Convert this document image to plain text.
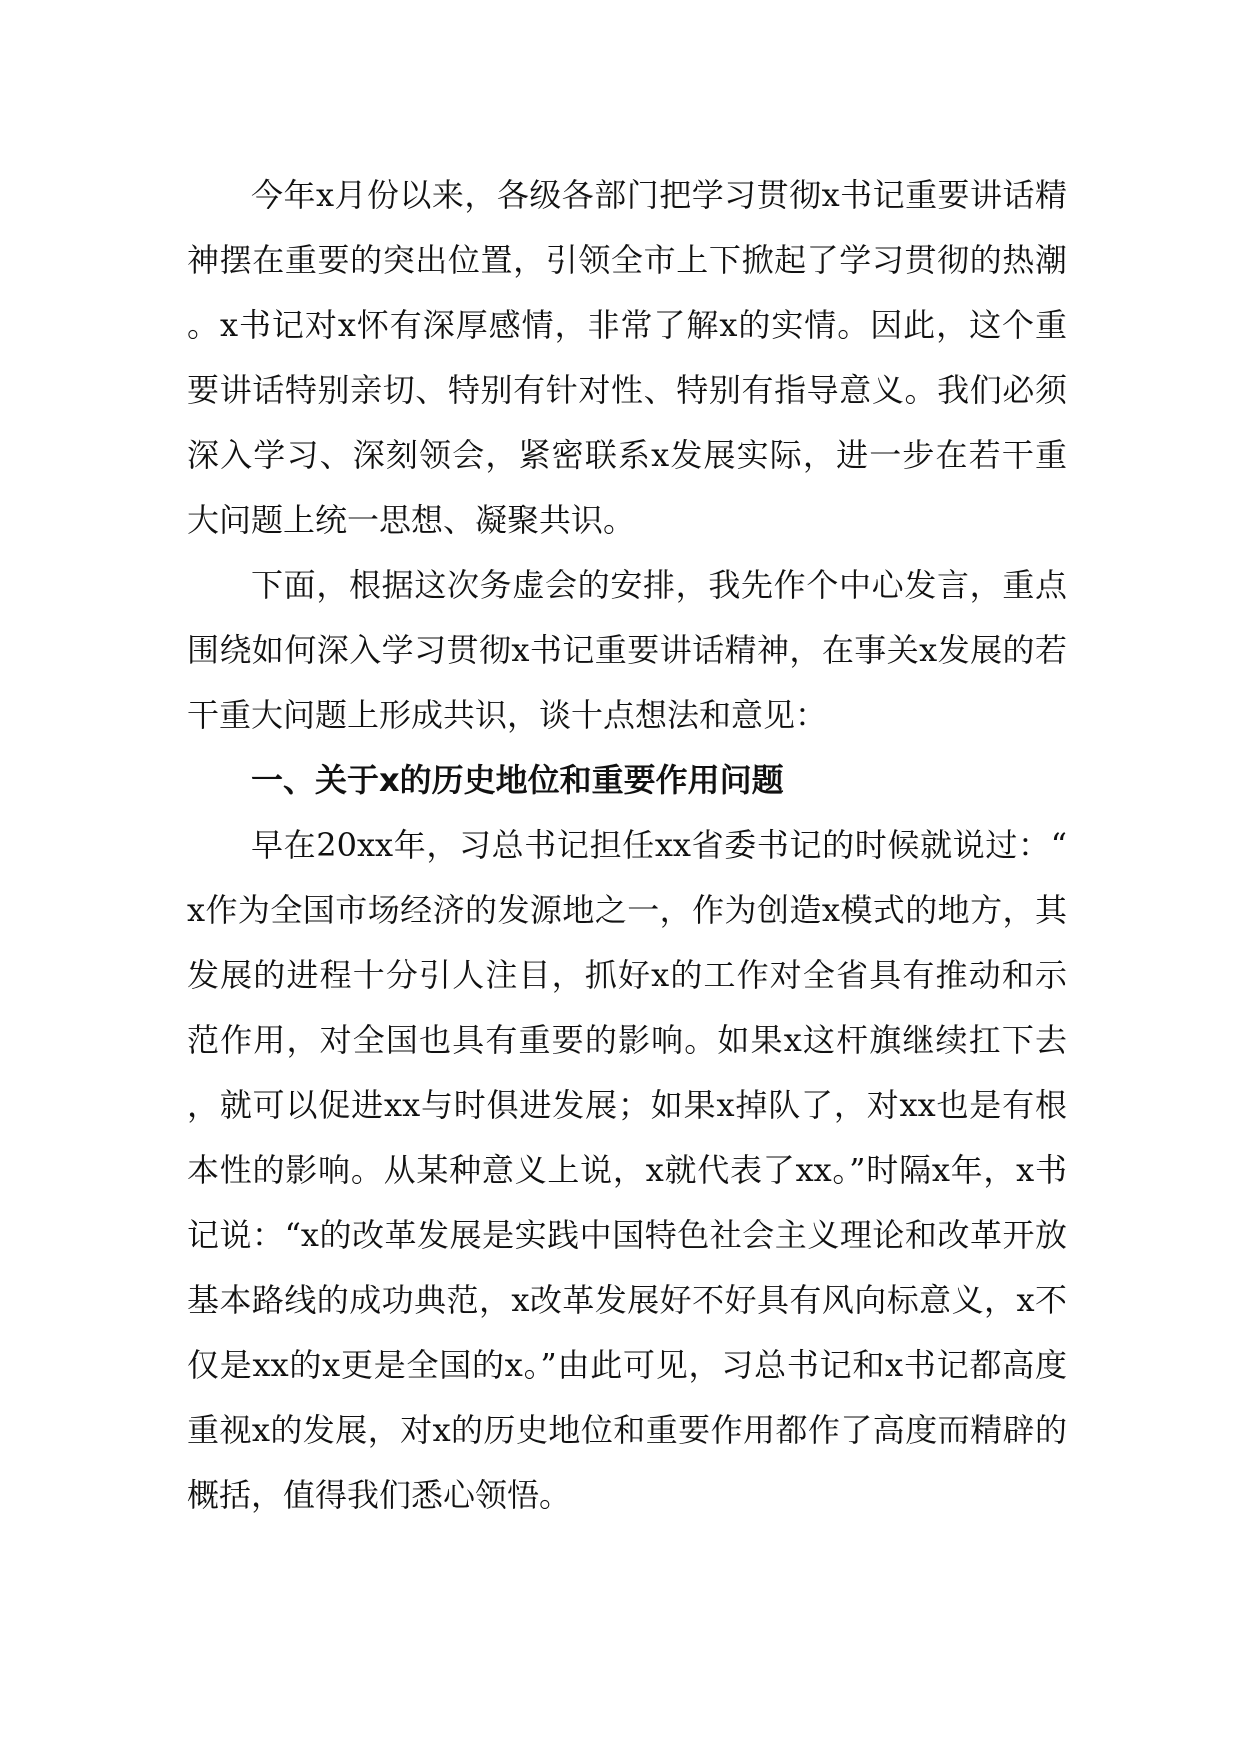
今年x月份以来，各级各部门把学习贯彻x书记重要讲话精神摆在重要的突出位置，引领全市上下掀起了学习贯彻的热潮。x书记对x怀有深厚感情，非常了解x的实情。因此，这个重要讲话特别亲切、特别有针对性、特别有指导意义。我们必须深入学习、深刻领会，紧密联系x发展实际，进一步在若干重大问题上统一思想、凝聚共识。

下面，根据这次务虚会的安排，我先作个中心发言，重点围绕如何深入学习贯彻x书记重要讲话精神，在事关x发展的若干重大问题上形成共识，谈十点想法和意见：

一、关于x的历史地位和重要作用问题

早在20xx年，习总书记担任xx省委书记的时候就说过：“x作为全国市场经济的发源地之一，作为创造x模式的地方，其发展的进程十分引人注目，抓好x的工作对全省具有推动和示范作用，对全国也具有重要的影响。如果x这杆旗继续扛下去，就可以促进xx与时俱进发展；如果x掉队了，对xx也是有根本性的影响。从某种意义上说，x就代表了xx。”时隔x年，x书记说：“x的改革发展是实践中国特色社会主义理论和改革开放基本路线的成功典范，x改革发展好不好具有风向标意义，x不仅是xx的x更是全国的x。”由此可见，习总书记和x书记都高度重视x的发展，对x的历史地位和重要作用都作了高度而精辟的概括，值得我们悉心领悟。
